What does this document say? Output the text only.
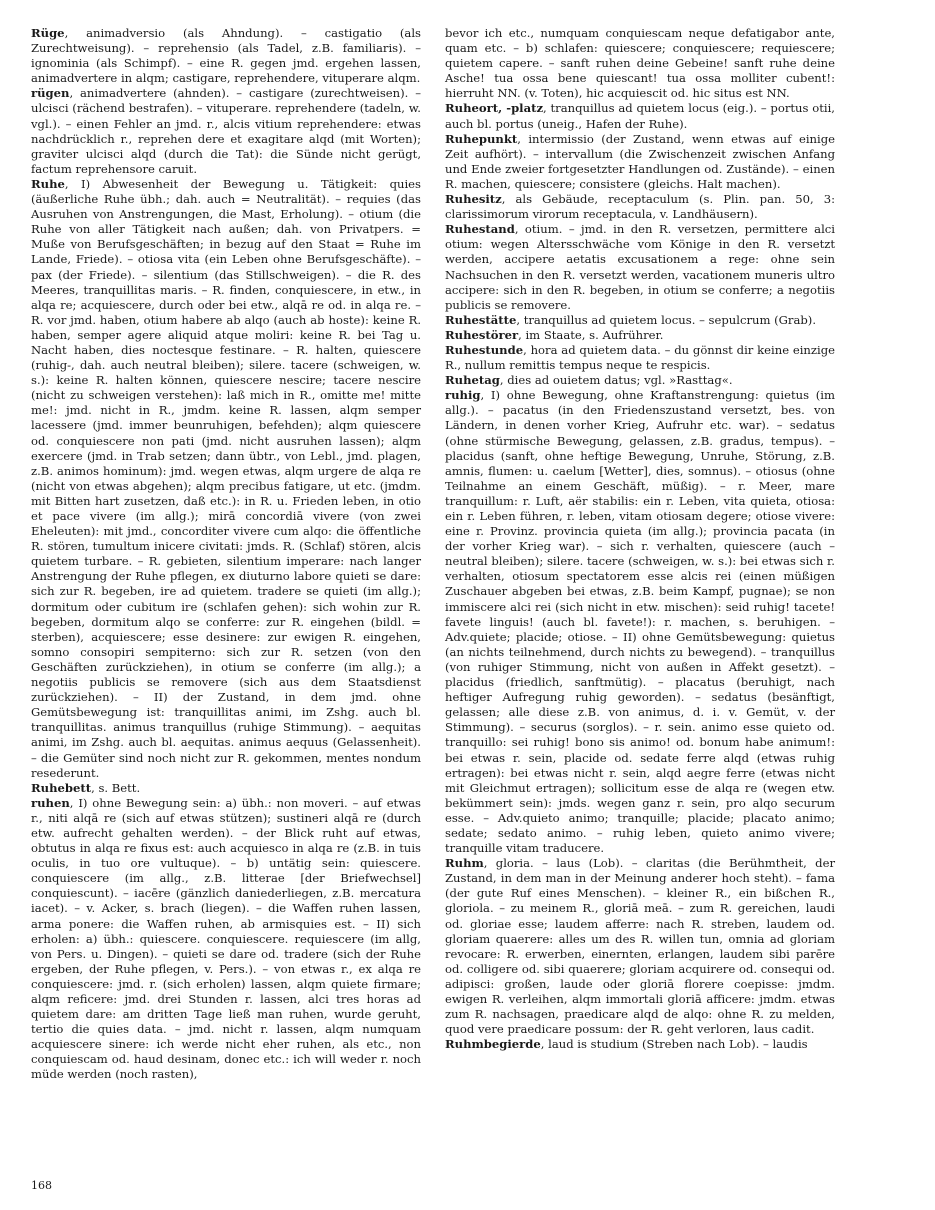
Rüge, animadversio (als Ahndung). – castigatio (als Zurechtweisung). – reprehensio (als Tadel, z.B. familiaris). – ignominia (als Schimpf). – eine R. gegen jmd. ergehen lassen, animadvertere in alqm; castigare, reprehendere, vituperare alqm.

rügen, animadvertere (ahnden). – castigare (zurechtweisen). – ulcisci (rächend bestrafen). – vituperare. reprehendere (tadeln, w. vgl.). – einen Fehler an jmd. r., alcis vitium reprehendere: etwas nachdrücklich r., reprehen dere et exagitare alqd (mit Worten); graviter ulcisci alqd (durch die Tat): die Sünde nicht gerügt, factum reprehensore caruit.

Ruhe, I) Abwesenheit der Bewegung u. Tätigkeit: quies (äußerliche Ruhe übh.; dah. auch = Neutralität). – requies (das Ausruhen von Anstrengungen, die Mast, Erholung). – otium (die Ruhe von aller Tätigkeit nach außen; dah. von Privatpers. = Muße von Berufsgeschäften; in bezug auf den Staat = Ruhe im Lande, Friede). – otiosa vita (ein Leben ohne Berufsgeschäfte). – pax (der Friede). – silentium (das Stillschweigen). – die R. des Meeres, tranquillitas maris. – R. finden, conquiescere, in etw., in alqa re; acquiescere, durch oder bei etw., alqā re od. in alqa re. – R. vor jmd. haben, otium habere ab alqo (auch ab hoste): keine R. haben, semper agere aliquid atque moliri: keine R. bei Tag u. Nacht haben, dies noctesque festinare. – R. halten, quiescere (ruhig-, dah. auch neutral bleiben); silere. tacere (schweigen, w. s.): keine R. halten können, quiescere nescire; tacere nescire (nicht zu schweigen verstehen): laß mich in R., omitte me! mitte me!: jmd. nicht in R., jmdm. keine R. lassen, alqm semper lacessere (jmd. immer beunruhigen, befehden); alqm quiescere od. conquiescere non pati (jmd. nicht ausruhen lassen); alqm exercere (jmd. in Trab setzen; dann übtr., von Lebl., jmd. plagen, z.B. animos hominum): jmd. wegen etwas, alqm urgere de alqa re (nicht von etwas abgehen); alqm precibus fatigare, ut etc. (jmdm. mit Bitten hart zusetzen, daß etc.): in R. u. Frieden leben, in otio et pace vivere (im allg.); mirā concordiā vivere (von zwei Eheleuten): mit jmd., concorditer vivere cum alqo: die öffentliche R. stören, tumultum inicere civitati: jmds. R. (Schlaf) stören, alcis quietem turbare. – R. gebieten, silentium imperare: nach langer Anstrengung der Ruhe pflegen, ex diuturno labore quieti se dare: sich zur R. begeben, ire ad quietem. tradere se quieti (im allg.); dormitum oder cubitum ire (schlafen gehen): sich wohin zur R. begeben, dormitum alqo se conferre: zur R. eingehen (bildl. = sterben), acquiescere; esse desinere: zur ewigen R. eingehen, somno consopiri sempiterno: sich zur R. setzen (von den Geschäften zurückziehen), in otium se conferre (im allg.); a negotiis publicis se removere (sich aus dem Staatsdienst zurückziehen). – II) der Zustand, in dem jmd. ohne Gemütsbewegung ist: tranquillitas animi, im Zshg. auch bl. tranquillitas. animus tranquillus (ruhige Stimmung). – aequitas animi, im Zshg. auch bl. aequitas. animus aequus (Gelassenheit). – die Gemüter sind noch nicht zur R. gekommen, mentes nondum resederunt.

Ruhebett, s. Bett.

ruhen, I) ohne Bewegung sein: a) übh.: non moveri. – auf etwas r., niti alqā re (sich auf etwas stützen); sustineri alqā re (durch etw. aufrecht gehalten werden). – der Blick ruht auf etwas, obtutus in alqa re fixus est: auch acquiesco in alqa re (z.B. in tuis oculis, in tuo ore vultuque). – b) untätig sein: quiescere. conquiescere (im allg., z.B. litterae [der Briefwechsel] conquiescunt). – iacēre (gänzlich daniederliegen, z.B. mercatura iacet). – v. Acker, s. brach (liegen). – die Waffen ruhen lassen, arma ponere: die Waffen ruhen, ab armisquies est. – II) sich erholen: a) übh.: quiescere. conquiescere. requiescere (im allg, von Pers. u. Dingen). – quieti se dare od. tradere (sich der Ruhe ergeben, der Ruhe pflegen, v. Pers.). – von etwas r., ex alqa re conquiescere: jmd. r. (sich erholen) lassen, alqm quiete firmare; alqm reficere: jmd. drei Stunden r. lassen, alci tres horas ad quietem dare: am dritten Tage ließ man ruhen, wurde geruht, tertio die quies data. – jmd. nicht r. lassen, alqm numquam acquiescere sinere: ich werde nicht eher ruhen, als etc., non conquiescam od. haud desinam, donec etc.: ich will weder r. noch müde werden (noch rasten),

bevor ich etc., numquam conquiescam neque defatigabor ante, quam etc. – b) schlafen: quiescere; conquiescere; requiescere; quietem capere. – sanft ruhen deine Gebeine! sanft ruhe deine Asche! tua ossa bene quiescant! tua ossa molliter cubent!: hierruht NN. (v. Toten), hic acquiescit od. hic situs est NN.

Ruheort, -platz, tranquillus ad quietem locus (eig.). – portus otii, auch bl. portus (uneig., Hafen der Ruhe).

Ruhepunkt, intermissio (der Zustand, wenn etwas auf einige Zeit aufhört). – intervallum (die Zwischenzeit zwischen Anfang und Ende zweier fortgesetzter Handlungen od. Zustände). – einen R. machen, quiescere; consistere (gleichs. Halt machen).

Ruhesitz, als Gebäude, receptaculum (s. Plin. pan. 50, 3: clarissimorum virorum receptacula, v. Landhäusern).

Ruhestand, otium. – jmd. in den R. versetzen, permittere alci otium: wegen Altersschwäche vom Könige in den R. versetzt werden, accipere aetatis excusationem a rege: ohne sein Nachsuchen in den R. versetzt werden, vacationem muneris ultro accipere: sich in den R. begeben, in otium se conferre; a negotiis publicis se removere.

Ruhestätte, tranquillus ad quietem locus. – sepulcrum (Grab).

Ruhestörer, im Staate, s. Aufrührer.

Ruhestunde, hora ad quietem data. – du gönnst dir keine einzige R., nullum remittis tempus neque te respicis.

Ruhetag, dies ad ouietem datus; vgl. »Rasttag«.

ruhig, I) ohne Bewegung, ohne Kraftanstrengung: quietus (im allg.). – pacatus (in den Friedenszustand versetzt, bes. von Ländern, in denen vorher Krieg, Aufruhr etc. war). – sedatus (ohne stürmische Bewegung, gelassen, z.B. gradus, tempus). – placidus (sanft, ohne heftige Bewegung, Unruhe, Störung, z.B. amnis, flumen: u. caelum [Wetter], dies, somnus). – otiosus (ohne Teilnahme an einem Geschäft, müßig). – r. Meer, mare tranquillum: r. Luft, aër stabilis: ein r. Leben, vita quieta, otiosa: ein r. Leben führen, r. leben, vitam otiosam degere; otiose vivere: eine r. Provinz. provincia quieta (im allg.); provincia pacata (in der vorher Krieg war). – sich r. verhalten, quiescere (auch – neutral bleiben); silere. tacere (schweigen, w. s.): bei etwas sich r. verhalten, otiosum spectatorem esse alcis rei (einen müßigen Zuschauer abgeben bei etwas, z.B. beim Kampf, pugnae); se non immiscere alci rei (sich nicht in etw. mischen): seid ruhig! tacete! favete linguis! (auch bl. favete!): r. machen, s. beruhigen. – Adv.quiete; placide; otiose. – II) ohne Gemütsbewegung: quietus (an nichts teilnehmend, durch nichts zu bewegend). – tranquillus (von ruhiger Stimmung, nicht von außen in Affekt gesetzt). – placidus (friedlich, sanftmütig). – placatus (beruhigt, nach heftiger Aufregung ruhig geworden). – sedatus (besänftigt, gelassen; alle diese z.B. von animus, d. i. v. Gemüt, v. der Stimmung). – securus (sorglos). – r. sein. animo esse quieto od. tranquillo: sei ruhig! bono sis animo! od. bonum habe animum!: bei etwas r. sein, placide od. sedate ferre alqd (etwas ruhig ertragen): bei etwas nicht r. sein, alqd aegre ferre (etwas nicht mit Gleichmut ertragen); sollicitum esse de alqa re (wegen etw. bekümmert sein): jmds. wegen ganz r. sein, pro alqo securum esse. – Adv.quieto animo; tranquille; placide; placato animo; sedate; sedato animo. – ruhig leben, quieto animo vivere; tranquille vitam traducere.

Ruhm, gloria. – laus (Lob). – claritas (die Berühmtheit, der Zustand, in dem man in der Meinung anderer hoch steht). – fama (der gute Ruf eines Menschen). – kleiner R., ein bißchen R., gloriola. – zu meinem R., gloriā meā. – zum R. gereichen, laudi od. gloriae esse; laudem afferre: nach R. streben, laudem od. gloriam quaerere: alles um des R. willen tun, omnia ad gloriam revocare: R. erwerben, einernten, erlangen, laudem sibi parēre od. colligere od. sibi quaerere; gloriam acquirere od. consequi od. adipisci: großen, laude oder gloriā florere coepisse: jmdm. ewigen R. verleihen, alqm immortali gloriā afficere: jmdm. etwas zum R. nachsagen, praedicare alqd de alqo: ohne R. zu melden, quod vere praedicare possum: der R. geht verloren, laus cadit.

Ruhmbegierde, laud is studium (Streben nach Lob). – laudis

168
